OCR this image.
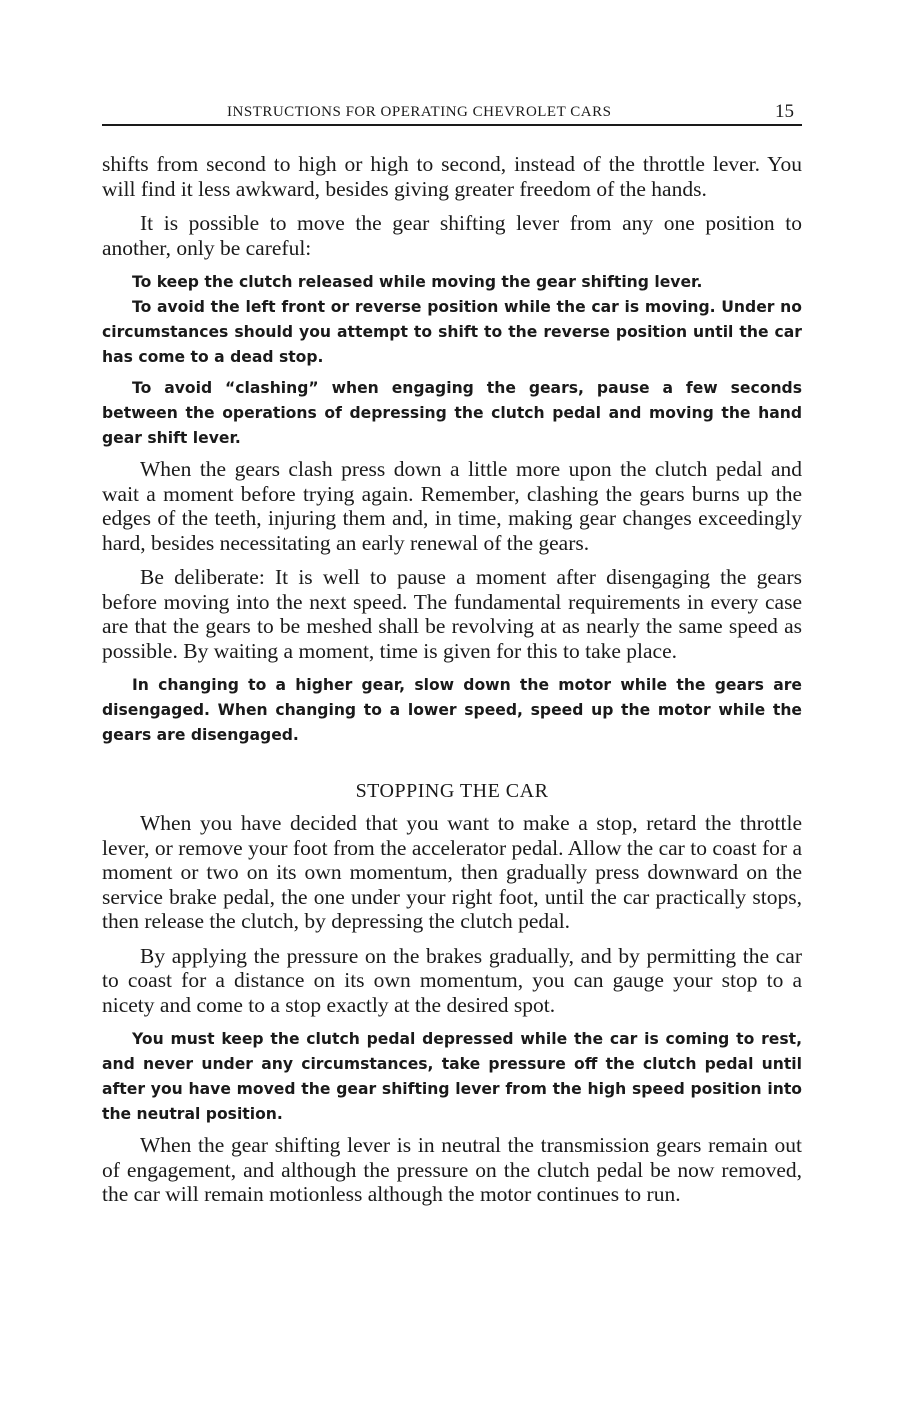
INSTRUCTIONS FOR OPERATING CHEVROLET CARS	15

shifts from second to high or high to second, instead of the throttle lever. You will find it less awkward, besides giving greater freedom of the hands.

It is possible to move the gear shifting lever from any one position to another, only be careful:

To keep the clutch released while moving the gear shifting lever.

To avoid the left front or reverse position while the car is moving. Under no circumstances should you attempt to shift to the reverse position until the car has come to a dead stop.

To avoid “clashing” when engaging the gears, pause a few seconds between the operations of depressing the clutch pedal and moving the hand gear shift lever.

When the gears clash press down a little more upon the clutch pedal and wait a moment before trying again. Remember, clashing the gears burns up the edges of the teeth, injuring them and, in time, making gear changes exceedingly hard, besides necessitating an early renewal of the gears.

Be deliberate: It is well to pause a moment after disengaging the gears before moving into the next speed. The fundamental requirements in every case are that the gears to be meshed shall be revolving at as nearly the same speed as possible. By waiting a moment, time is given for this to take place.

In changing to a higher gear, slow down the motor while the gears are disengaged. When changing to a lower speed, speed up the motor while the gears are disengaged.

STOPPING THE CAR

When you have decided that you want to make a stop, retard the throttle lever, or remove your foot from the accelerator pedal. Allow the car to coast for a moment or two on its own momentum, then gradually press downward on the service brake pedal, the one under your right foot, until the car practically stops, then release the clutch, by depressing the clutch pedal.

By applying the pressure on the brakes gradually, and by permitting the car to coast for a distance on its own momentum, you can gauge your stop to a nicety and come to a stop exactly at the desired spot.

You must keep the clutch pedal depressed while the car is coming to rest, and never under any circumstances, take pressure off the clutch pedal until after you have moved the gear shifting lever from the high speed position into the neutral position.

When the gear shifting lever is in neutral the transmission gears remain out of engagement, and although the pressure on the clutch pedal be now removed, the car will remain motionless although the motor continues to run.
